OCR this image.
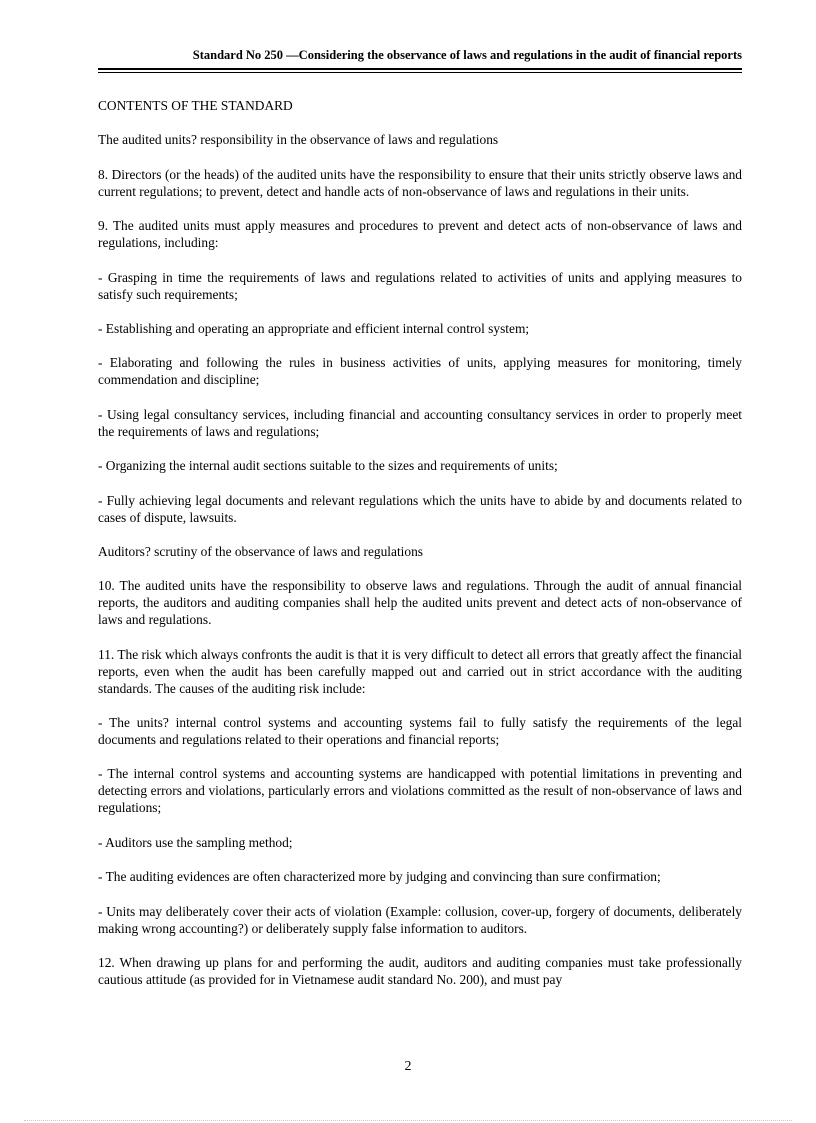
Standard No 250 —Considering the observance of laws and regulations in the audit of financial reports

CONTENTS OF THE STANDARD

The audited units? responsibility in the observance of laws and regulations

8. Directors (or the heads) of the audited units have the responsibility to ensure that their units strictly observe laws and current regulations; to prevent, detect and handle acts of non-observance of laws and regulations in their units.

9. The audited units must apply measures and procedures to prevent and detect acts of non-observance of laws and regulations, including:

- Grasping in time the requirements of laws and regulations related to activities of units and applying measures to satisfy such requirements;

- Establishing and operating an appropriate and efficient internal control system;

- Elaborating and following the rules in business activities of units, applying measures for monitoring, timely commendation and discipline;

- Using legal consultancy services, including financial and accounting consultancy services in order to properly meet the requirements of laws and regulations;

- Organizing the internal audit sections suitable to the sizes and requirements of units;

- Fully achieving legal documents and relevant regulations which the units have to abide by and documents related to cases of dispute, lawsuits.

Auditors? scrutiny of the observance of laws and regulations

10. The audited units have the responsibility to observe laws and regulations. Through the audit of annual financial reports, the auditors and auditing companies shall help the audited units prevent and detect acts of non-observance of laws and regulations.

11. The risk which always confronts the audit is that it is very difficult to detect all errors that greatly affect the financial reports, even when the audit has been carefully mapped out and carried out in strict accordance with the auditing standards. The causes of the auditing risk include:

- The units? internal control systems and accounting systems fail to fully satisfy the requirements of the legal documents and regulations related to their operations and financial reports;

- The internal control systems and accounting systems are handicapped with potential limitations in preventing and detecting errors and violations, particularly errors and violations committed as the result of non-observance of laws and regulations;

- Auditors use the sampling method;

- The auditing evidences are often characterized more by judging and convincing than sure confirmation;

- Units may deliberately cover their acts of violation (Example: collusion, cover-up, forgery of documents, deliberately making wrong accounting?) or deliberately supply false information to auditors.

12. When drawing up plans for and performing the audit, auditors and auditing companies must take professionally cautious attitude (as provided for in Vietnamese audit standard No. 200), and must pay

2
